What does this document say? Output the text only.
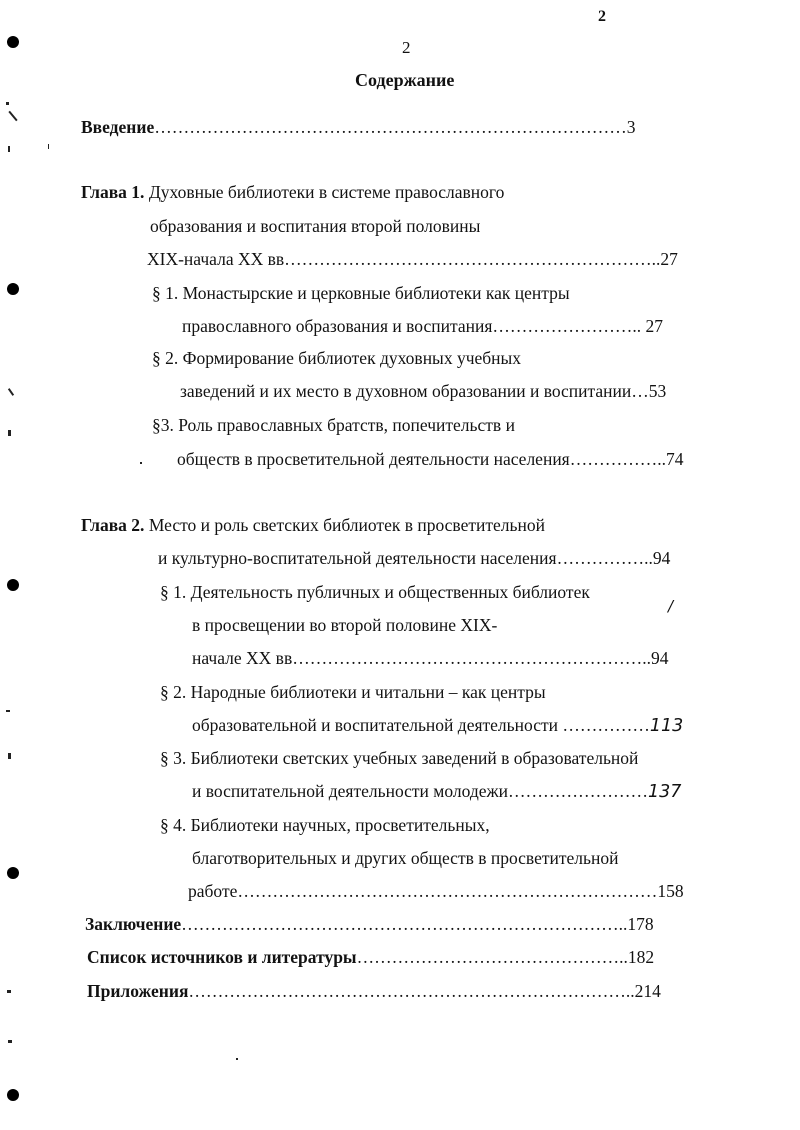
2
2
Содержание
Введение………………………………………………………………………3
Глава 1. Духовные библиотеки в системе православного
образования и воспитания второй половины
XIX-начала XX вв………………………………………………………..27
§ 1. Монастырские и церковные библиотеки как центры
православного образования и воспитания…………………….. 27
§ 2. Формирование библиотек духовных учебных
заведений и их место в духовном образовании и воспитании…53
§3. Роль православных братств, попечительств и
обществ в просветительной деятельности населения……………..74
Глава 2. Место и роль светских библиотек в просветительной
и культурно-воспитательной деятельности населения……………..94
§ 1. Деятельность публичных и общественных библиотек
/
в просвещении во второй половине XIX-
начале XX вв……………………………………………………..94
§ 2. Народные библиотеки и читальни – как центры
образовательной и воспитательной деятельности ……………113
§ 3. Библиотеки светских учебных заведений в образовательной
и воспитательной деятельности молодежи……………………137
§ 4. Библиотеки научных, просветительных,
благотворительных и других обществ в просветительной
работе………………………………………………………………158
Заключение…………………………………………………………………..178
Список источников и литературы………………………………………..182
Приложения…………………………………………………………………..214
